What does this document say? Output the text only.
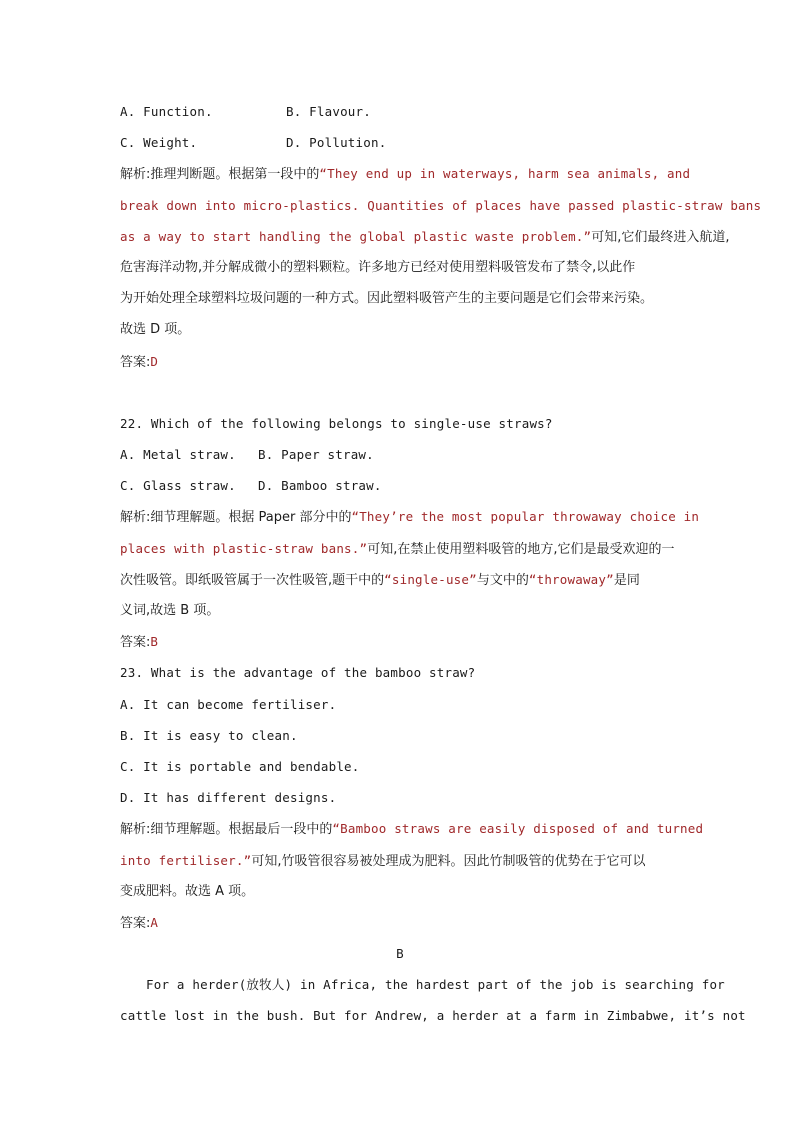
A. Function.	B. Flavour.
C. Weight.	D. Pollution.
解析:推理判断题。根据第一段中的“They end up in waterways, harm sea animals, and
break down into micro-plastics. Quantities of places have passed plastic-straw bans
as a way to start handling the global plastic waste problem.”可知,它们最终进入航道,
危害海洋动物,并分解成微小的塑料颗粒。许多地方已经对使用塑料吸管发布了禁令,以此作
为开始处理全球塑料垃圾问题的一种方式。因此塑料吸管产生的主要问题是它们会带来污染。
故选 D 项。
答案:D
22. Which of the following belongs to single-use straws?
A. Metal straw.	B. Paper straw.
C. Glass straw.	D. Bamboo straw.
解析:细节理解题。根据 Paper 部分中的“They’re the most popular throwaway choice in
places with plastic-straw bans.”可知,在禁止使用塑料吸管的地方,它们是最受欢迎的一
次性吸管。即纸吸管属于一次性吸管,题干中的“single-use”与文中的“throwaway”是同
义词,故选 B 项。
答案:B
23. What is the advantage of the bamboo straw?
A. It can become fertiliser.
B. It is easy to clean.
C. It is portable and bendable.
D. It has different designs.
解析:细节理解题。根据最后一段中的“Bamboo straws are easily disposed of and turned
into fertiliser.”可知,竹吸管很容易被处理成为肥料。因此竹制吸管的优势在于它可以
变成肥料。故选 A 项。
答案:A
B
For a herder(放牧人) in Africa, the hardest part of the job is searching for
cattle lost in the bush. But for Andrew, a herder at a farm in Zimbabwe, it’s not
